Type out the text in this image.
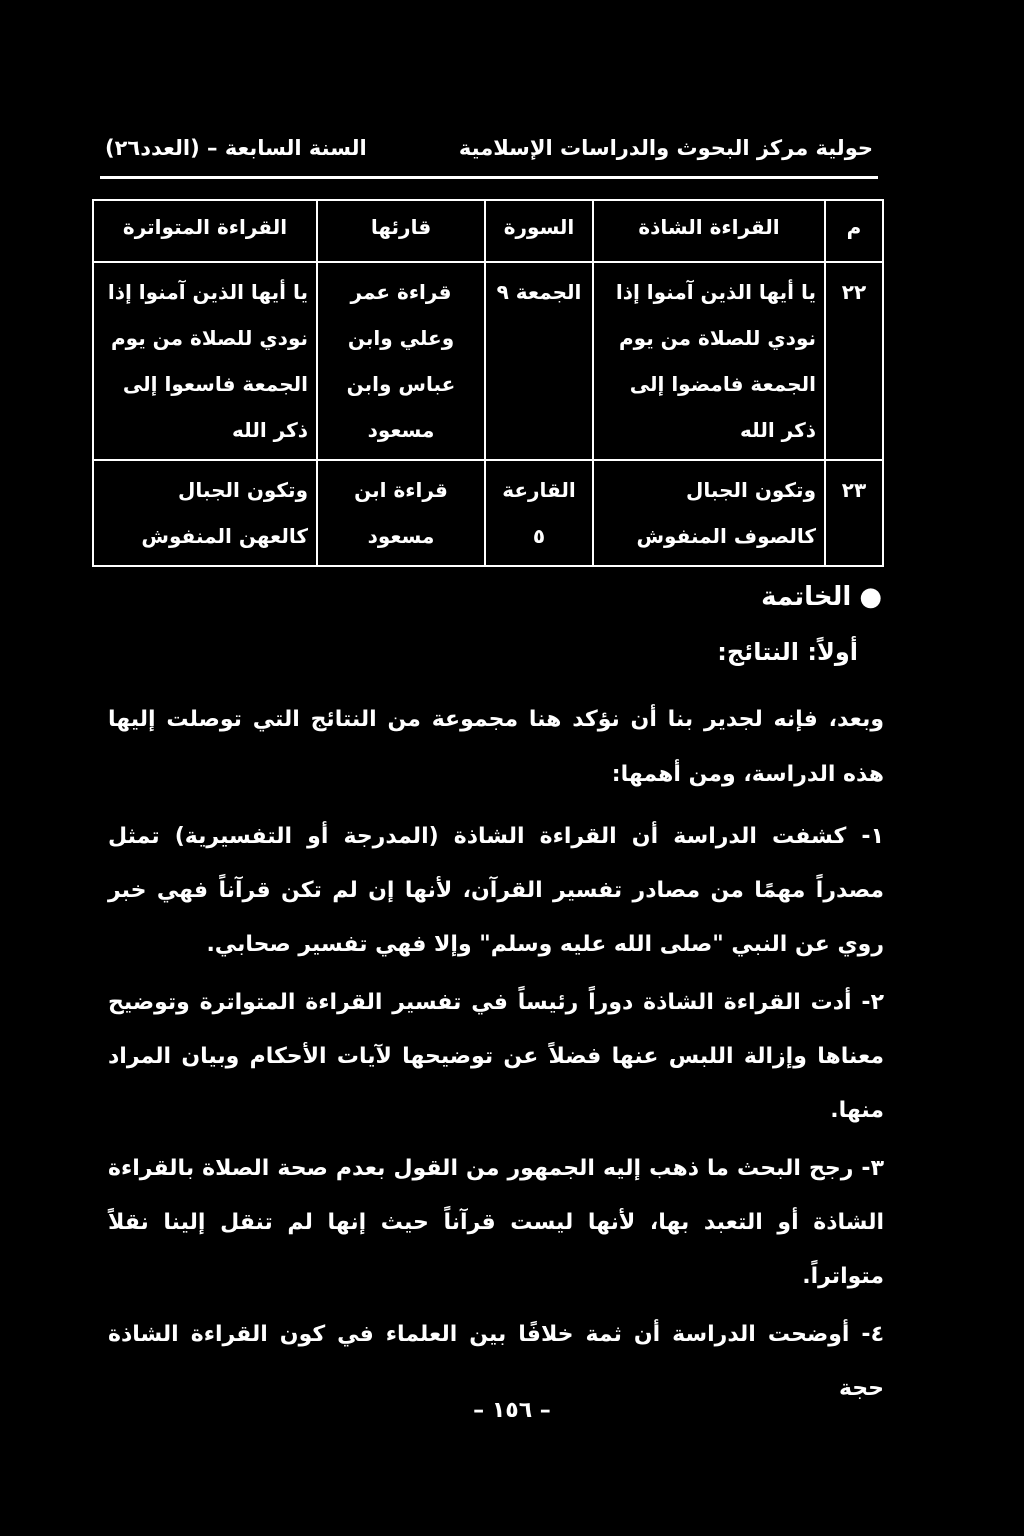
حولية مركز البحوث والدراسات الإسلامية
السنة السابعة – (العدد٢٦)
م	القراءة الشاذة	السورة	قارئها	القراءة المتواترة
٢٢	يا أيها الذين آمنوا إذا نودي للصلاة من يوم الجمعة فامضوا إلى ذكر الله	الجمعة ٩	قراءة عمر وعلي وابن عباس وابن مسعود	يا أيها الذين آمنوا إذا نودي للصلاة من يوم الجمعة فاسعوا إلى ذكر الله
٢٣	وتكون الجبال كالصوف المنفوش	القارعة ٥	قراءة ابن مسعود	وتكون الجبال كالعهن المنفوش
●الخاتمة
أولاً: النتائج:
وبعد، فإنه لجدير بنا أن نؤكد هنا مجموعة من النتائج التي توصلت إليها هذه الدراسة، ومن أهمها:
١- كشفت الدراسة أن القراءة الشاذة (المدرجة أو التفسيرية) تمثل مصدراً مهمًا من مصادر تفسير القرآن، لأنها إن لم تكن قرآناً فهي خبر روي عن النبي "صلى الله عليه وسلم" وإلا فهي تفسير صحابي.
٢- أدت القراءة الشاذة دوراً رئيساً في تفسير القراءة المتواترة وتوضيح معناها وإزالة اللبس عنها فضلاً عن توضيحها لآيات الأحكام وبيان المراد منها.
٣- رجح البحث ما ذهب إليه الجمهور من القول بعدم صحة الصلاة بالقراءة الشاذة أو التعبد بها، لأنها ليست قرآناً حيث إنها لم تنقل إلينا نقلاً متواتراً.
٤- أوضحت الدراسة أن ثمة خلافًا بين العلماء في كون القراءة الشاذة حجة
– ١٥٦ –
